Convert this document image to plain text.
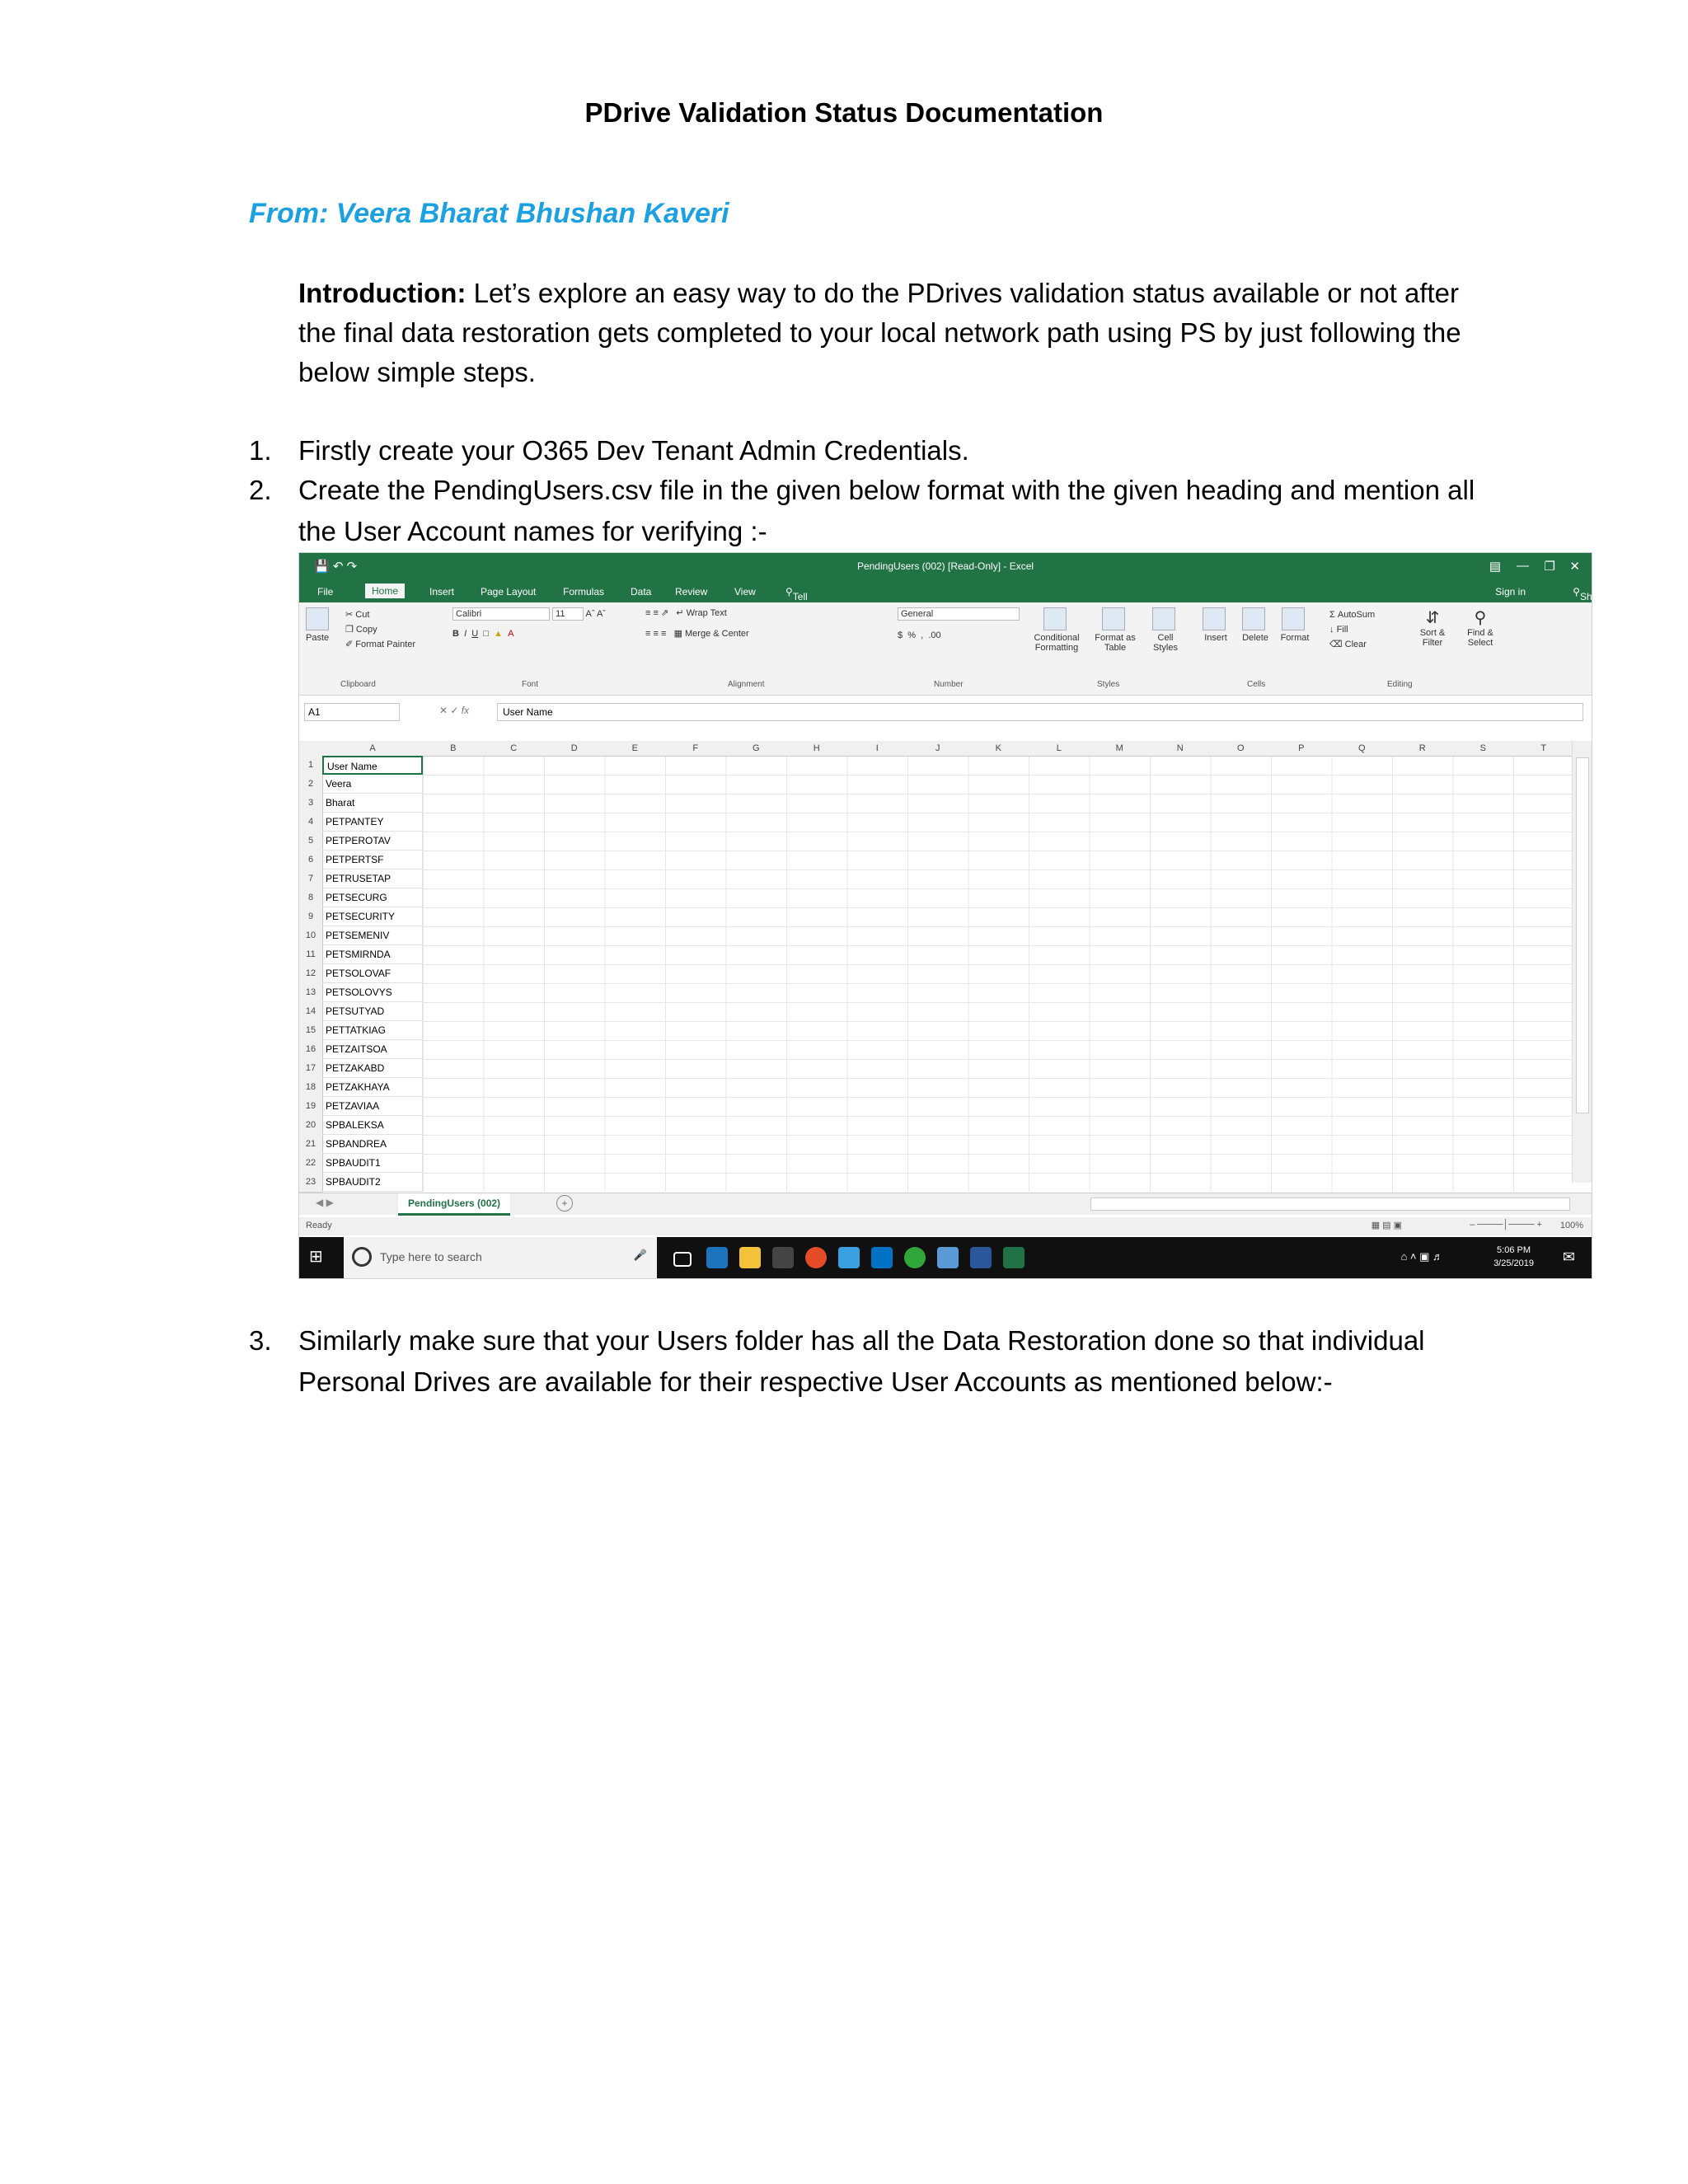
PDrive Validation Status Documentation
From: Veera Bharat Bhushan Kaveri
Introduction: Let’s explore an easy way to do the PDrives validation status available or not after the final data restoration gets completed to your local network path using PS by just following the below simple steps.
1. Firstly create your O365 Dev Tenant Admin Credentials.
2. Create the PendingUsers.csv file in the given below format with the given heading and mention all the User Account names for verifying :-
💾 ↶ ↷	PendingUsers (002) [Read-Only] - Excel	▤ — ❐ ✕
File	Home	Insert	Page Layout	Formulas	Data Review	View	⚲ Tell	Sign in	⚲ Share

Paste
✂ Cut
❐ Copy
✐ Format Painter
Clipboard
Calibri	11 Aˆ Aˇ
B I U □ ▲ A
Font
≡ ≡ ⇗ ↵ Wrap Text
≡ ≡ ≡ ▦ Merge & Center
Alignment
General
$ % , .00
Number

Conditional Formatting

Format as Table

Cell Styles
Styles

Insert	Delete	Format
Cells
Σ AutoSum
↓ Fill
⌫ Clear
⇵
Sort & Filter
⚲
Find & Select
Editing
A1	✕ ✓ fx	User Name
A	B	C	D	E	F	G	H	I	J	K	L	M	N	O	P	Q	R	S	T
1	User Name
2	Veera
3	Bharat
4	PETPANTEY
5	PETPEROTAV
6	PETPERTSF
7	PETRUSETAP
8	PETSECURG
9	PETSECURITY
10 PETSEMENIV
11	PETSMIRNDA
12 PETSOLOVAF
13 PETSOLOVYS
14 PETSUTYAD
15 PETTATKIAG
16 PETZAITSOA
17 PETZAKABD
18 PETZAKHAYA
19 PETZAVIAA
20 SPBALEKSA
21 SPBANDREA
22 SPBAUDIT1
23 SPBAUDIT2
◀ ▶	PendingUsers (002)	+
Ready	▦ ▤ ▣	– ────│──── + 100%
⊞	Type here to search	🎤	⌂ ˄ ▣ ♬	5:06 PM
3/25/2019 ✉
3. Similarly make sure that your Users folder has all the Data Restoration done so that individual Personal Drives are available for their respective User Accounts as mentioned below:-
